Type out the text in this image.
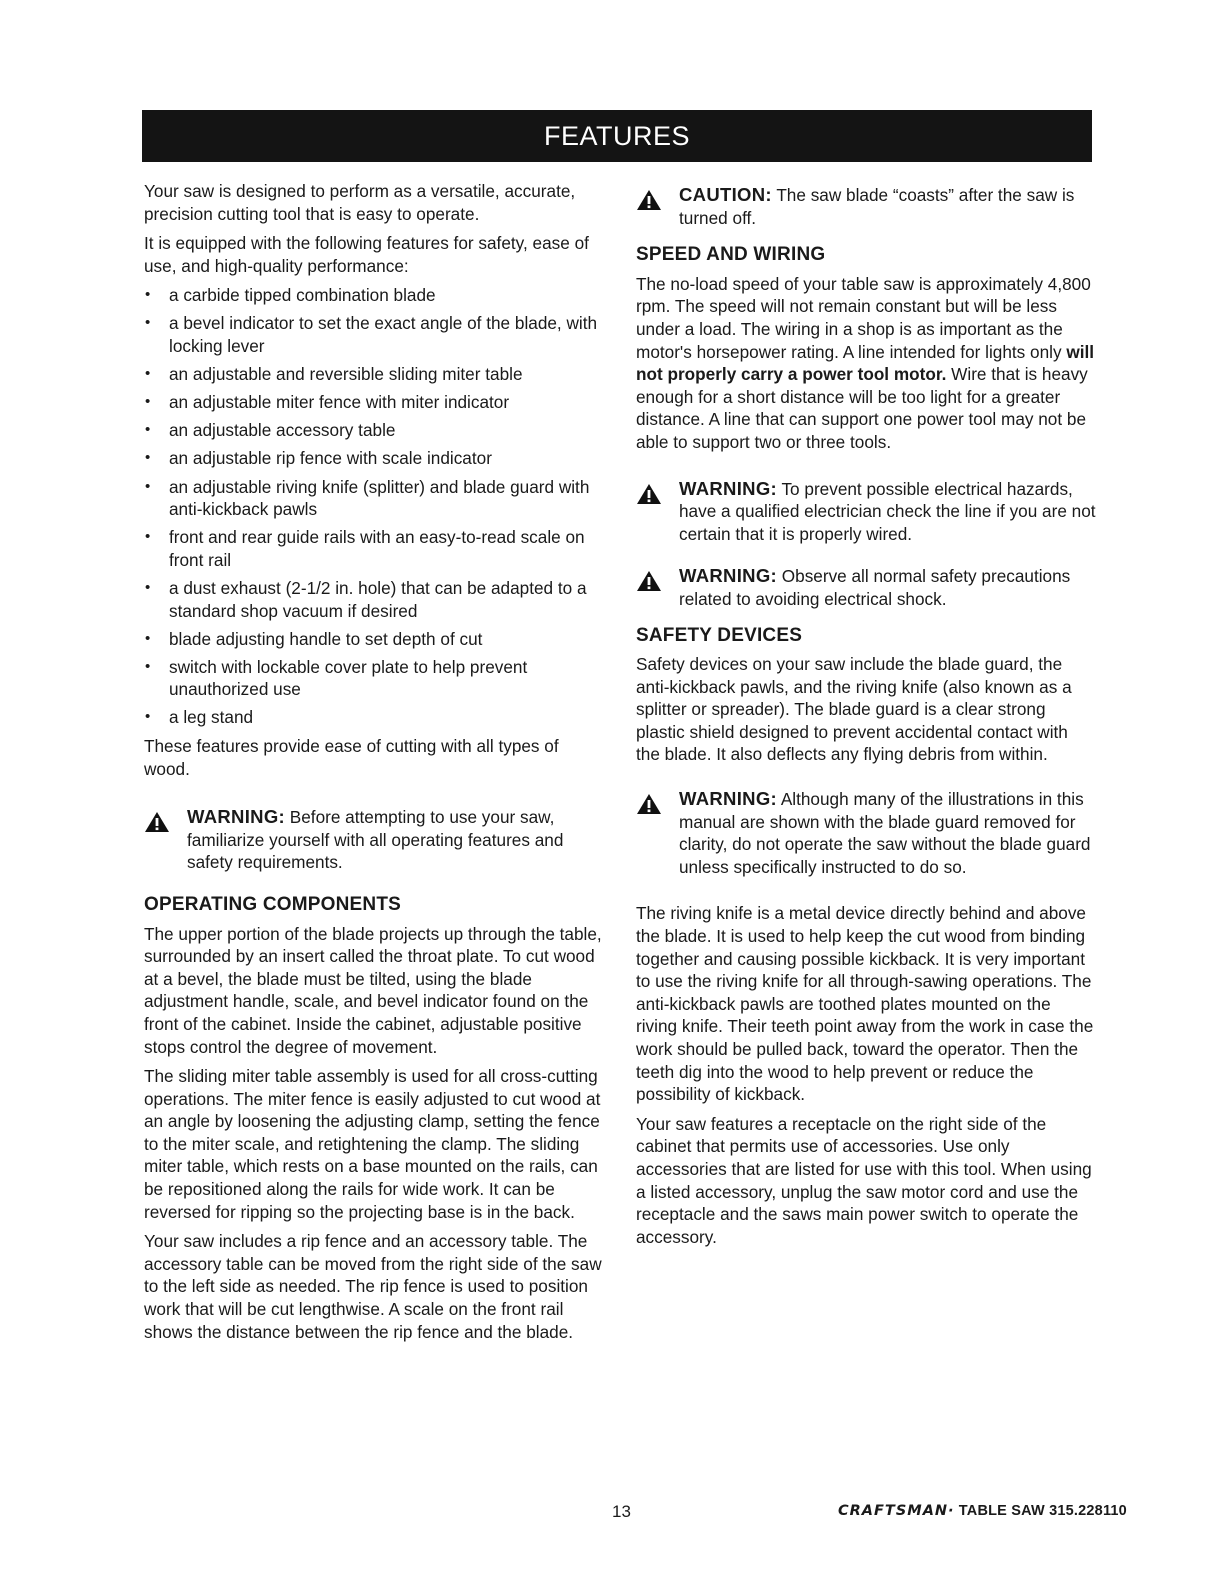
FEATURES

Your saw is designed to perform as a versatile, accurate, precision cutting tool that is easy to operate.

It is equipped with the following features for safety, ease of use, and high-quality performance:

• a carbide tipped combination blade
• a bevel indicator to set the exact angle of the blade, with locking lever
• an adjustable and reversible sliding miter table
• an adjustable miter fence with miter indicator
• an adjustable accessory table
• an adjustable rip fence with scale indicator
• an adjustable riving knife (splitter) and blade guard with anti-kickback pawls
• front and rear guide rails with an easy-to-read scale on front rail
• a dust exhaust (2-1/2 in. hole) that can be adapted to a standard shop vacuum if desired
• blade adjusting handle to set depth of cut
• switch with lockable cover plate to help prevent unauthorized use
• a leg stand

These features provide ease of cutting with all types of wood.

WARNING: Before attempting to use your saw, familiarize yourself with all operating features and safety requirements.
OPERATING COMPONENTS

The upper portion of the blade projects up through the table, surrounded by an insert called the throat plate. To cut wood at a bevel, the blade must be tilted, using the blade adjustment handle, scale, and bevel indicator found on the front of the cabinet. Inside the cabinet, adjustable positive stops control the degree of movement.

The sliding miter table assembly is used for all cross-cutting operations. The miter fence is easily adjusted to cut wood at an angle by loosening the adjusting clamp, setting the fence to the miter scale, and retightening the clamp. The sliding miter table, which rests on a base mounted on the rails, can be repositioned along the rails for wide work. It can be reversed for ripping so the projecting base is in the back.

Your saw includes a rip fence and an accessory table. The accessory table can be moved from the right side of the saw to the left side as needed. The rip fence is used to position work that will be cut lengthwise. A scale on the front rail shows the distance between the rip fence and the blade.

CAUTION: The saw blade “coasts” after the saw is turned off.
SPEED AND WIRING

The no-load speed of your table saw is approximately 4,800 rpm. The speed will not remain constant but will be less under a load. The wiring in a shop is as important as the motor's horsepower rating. A line intended for lights only will not properly carry a power tool motor. Wire that is heavy enough for a short distance will be too light for a greater distance. A line that can support one power tool may not be able to support two or three tools.

WARNING: To prevent possible electrical hazards, have a qualified electrician check the line if you are not certain that it is properly wired.
WARNING: Observe all normal safety precautions related to avoiding electrical shock.
SAFETY DEVICES

Safety devices on your saw include the blade guard, the anti-kickback pawls, and the riving knife (also known as a splitter or spreader). The blade guard is a clear strong plastic shield designed to prevent accidental contact with the blade. It also deflects any flying debris from within.

WARNING: Although many of the illustrations in this manual are shown with the blade guard removed for clarity, do not operate the saw without the blade guard unless specifically instructed to do so.

The riving knife is a metal device directly behind and above the blade. It is used to help keep the cut wood from binding together and causing possible kickback. It is very important to use the riving knife for all through-sawing operations. The anti-kickback pawls are toothed plates mounted on the riving knife. Their teeth point away from the work in case the work should be pulled back, toward the operator. Then the teeth dig into the wood to help prevent or reduce the possibility of kickback.

Your saw features a receptacle on the right side of the cabinet that permits use of accessories. Use only accessories that are listed for use with this tool. When using a listed accessory, unplug the saw motor cord and use the receptacle and the saws main power switch to operate the accessory.

13	CRAFTSMAN· TABLE SAW 315.228110
